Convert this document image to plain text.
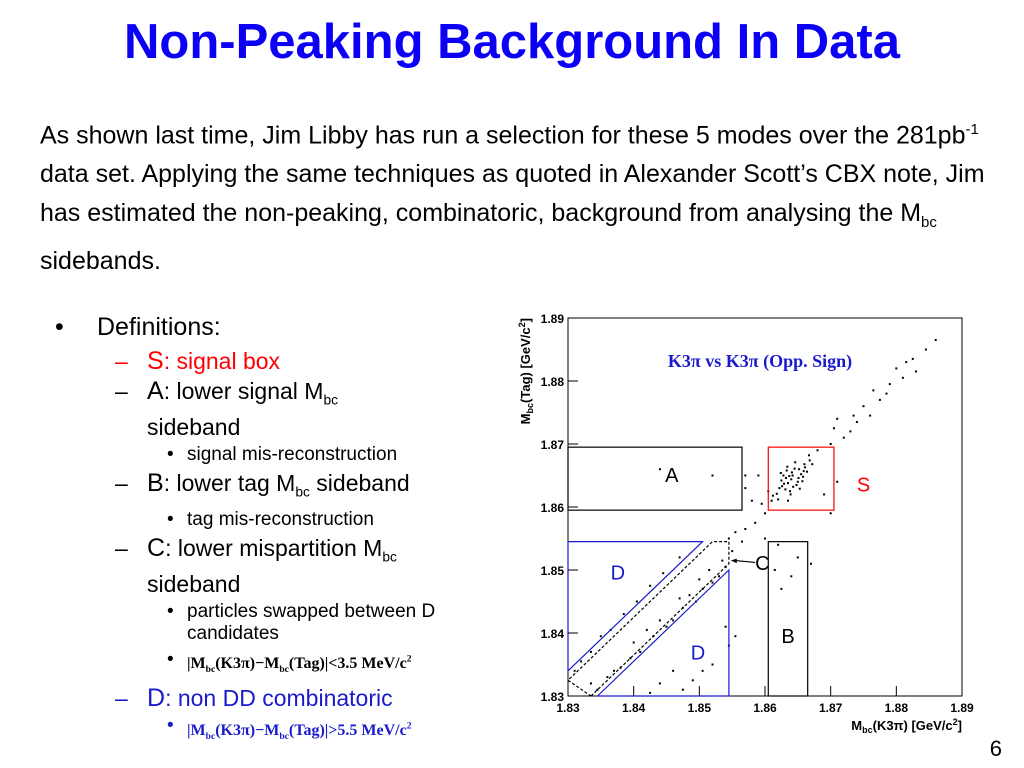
Non-Peaking Background In Data
As shown last time, Jim Libby has run a selection for these 5 modes over the $281pb^{-1}$ data set. Applying the same techniques as quoted in Alexander Scott’s CBX note, Jim has estimated the non-peaking, combinatoric, background from analysing the $M_{bc}$ sidebands.
• Definitions:
– S: signal box
– A: lower signal $M_{bc}$
sideband
• signal mis-reconstruction
– B: lower tag $M_{bc}$ sideband
• tag mis-reconstruction
– C: lower mispartition $M_{bc}$
sideband
• particles swapped between D candidates
• $|M_{bc}(K3\pi)-M_{bc}(Tag)|<3.5$ MeV/$c^2$
– D: non DD combinatoric
• $|M_{bc}(K3\pi)-M_{bc}(Tag)|>5.5$ MeV/$c^2$
A	S
B
C
D
D
1.83
1.84
1.85
1.86
1.87
1.88
1.89
1.83	1.84	1.85	1.86	1.87	1.88	1.89
K3π vs K3π (Opp. Sign)
$M_{bc}(K3\pi)$ $[GeV/c^2]$
$M_{bc}(Tag)$ $[GeV/c^2]$
6
